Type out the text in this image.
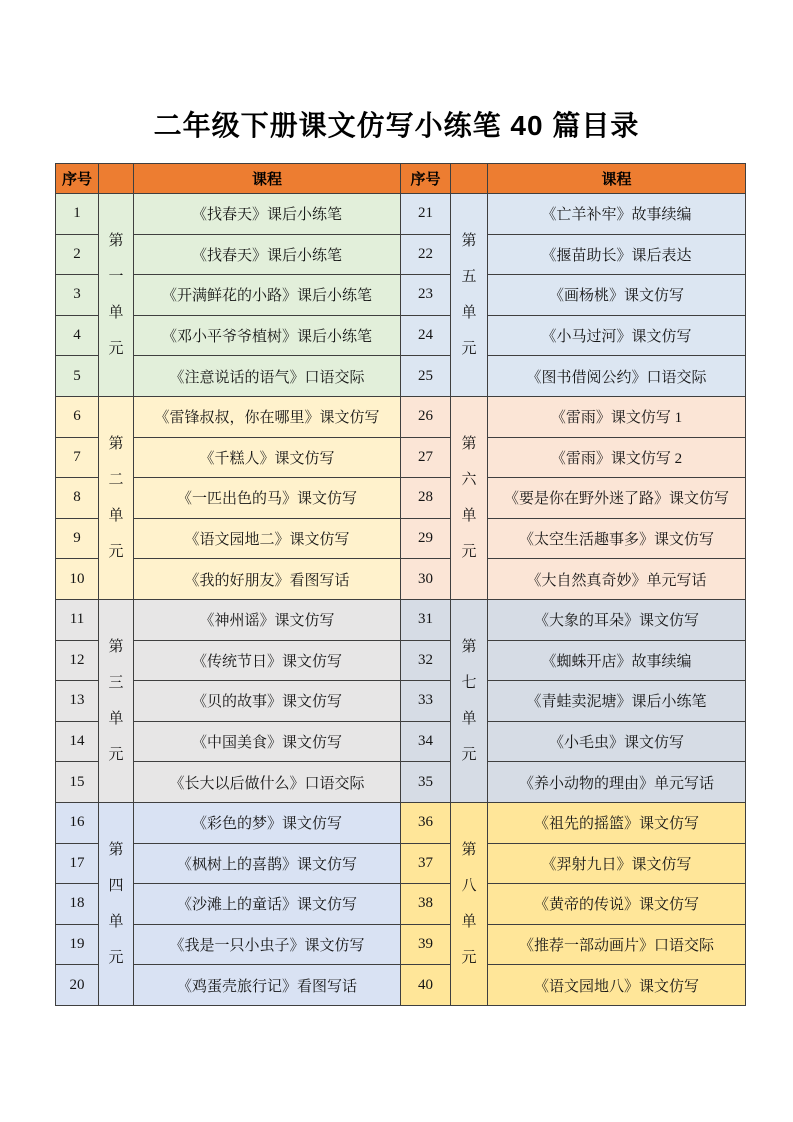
二年级下册课文仿写小练笔 40 篇目录
序号		课程	序号		课程
1	第一单元	《找春天》课后小练笔	21	第五单元	《亡羊补牢》故事续编
2		《找春天》课后小练笔	22		《揠苗助长》课后表达
3		《开满鲜花的小路》课后小练笔	23		《画杨桃》课文仿写
4		《邓小平爷爷植树》课后小练笔	24		《小马过河》课文仿写
5		《注意说话的语气》口语交际	25		《图书借阅公约》口语交际
6	第二单元	《雷锋叔叔，你在哪里》课文仿写	26	第六单元	《雷雨》课文仿写 1
7		《千糕人》课文仿写	27		《雷雨》课文仿写 2
8		《一匹出色的马》课文仿写	28		《要是你在野外迷了路》课文仿写
9		《语文园地二》课文仿写	29		《太空生活趣事多》课文仿写
10		《我的好朋友》看图写话	30		《大自然真奇妙》单元写话
11	第三单元	《神州谣》课文仿写	31	第七单元	《大象的耳朵》课文仿写
12		《传统节日》课文仿写	32		《蜘蛛开店》故事续编
13		《贝的故事》课文仿写	33		《青蛙卖泥塘》课后小练笔
14		《中国美食》课文仿写	34		《小毛虫》课文仿写
15		《长大以后做什么》口语交际	35		《养小动物的理由》单元写话
16	第四单元	《彩色的梦》课文仿写	36	第八单元	《祖先的摇篮》课文仿写
17		《枫树上的喜鹊》课文仿写	37		《羿射九日》课文仿写
18		《沙滩上的童话》课文仿写	38		《黄帝的传说》课文仿写
19		《我是一只小虫子》课文仿写	39		《推荐一部动画片》口语交际
20		《鸡蛋壳旅行记》看图写话	40		《语文园地八》课文仿写
